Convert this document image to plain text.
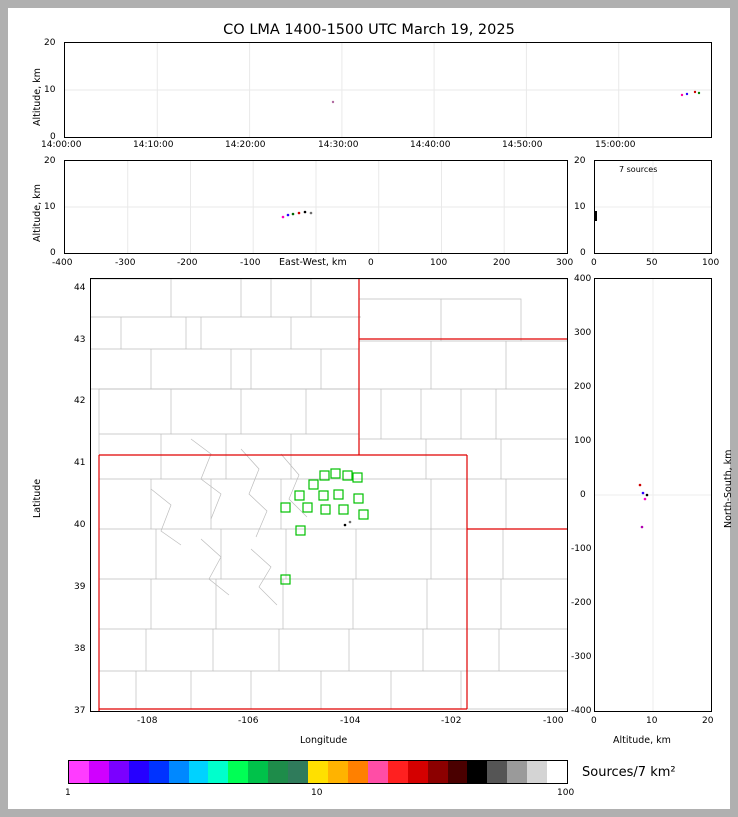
CO LMA 1400-1500 UTC March 19, 2025
Altitude, km
0
10
20
14:00:00	14:10:00	14:20:00	14:30:00	14:40:00	14:50:00	15:00:00
Altitude, km
0
10
20
-400	-300	-200	-100	0	100	200	300
East-West, km
7 sources
0
10
20
0	50	100
Latitude
37
38
39
40
41
42
43
44
-108	-106	-104	-102	-100
Longitude
-400
-300
-200
-100
0
100
200
300
400
0	10	20
Altitude, km
North-South, km
Sources/7 km²
1	10	100
